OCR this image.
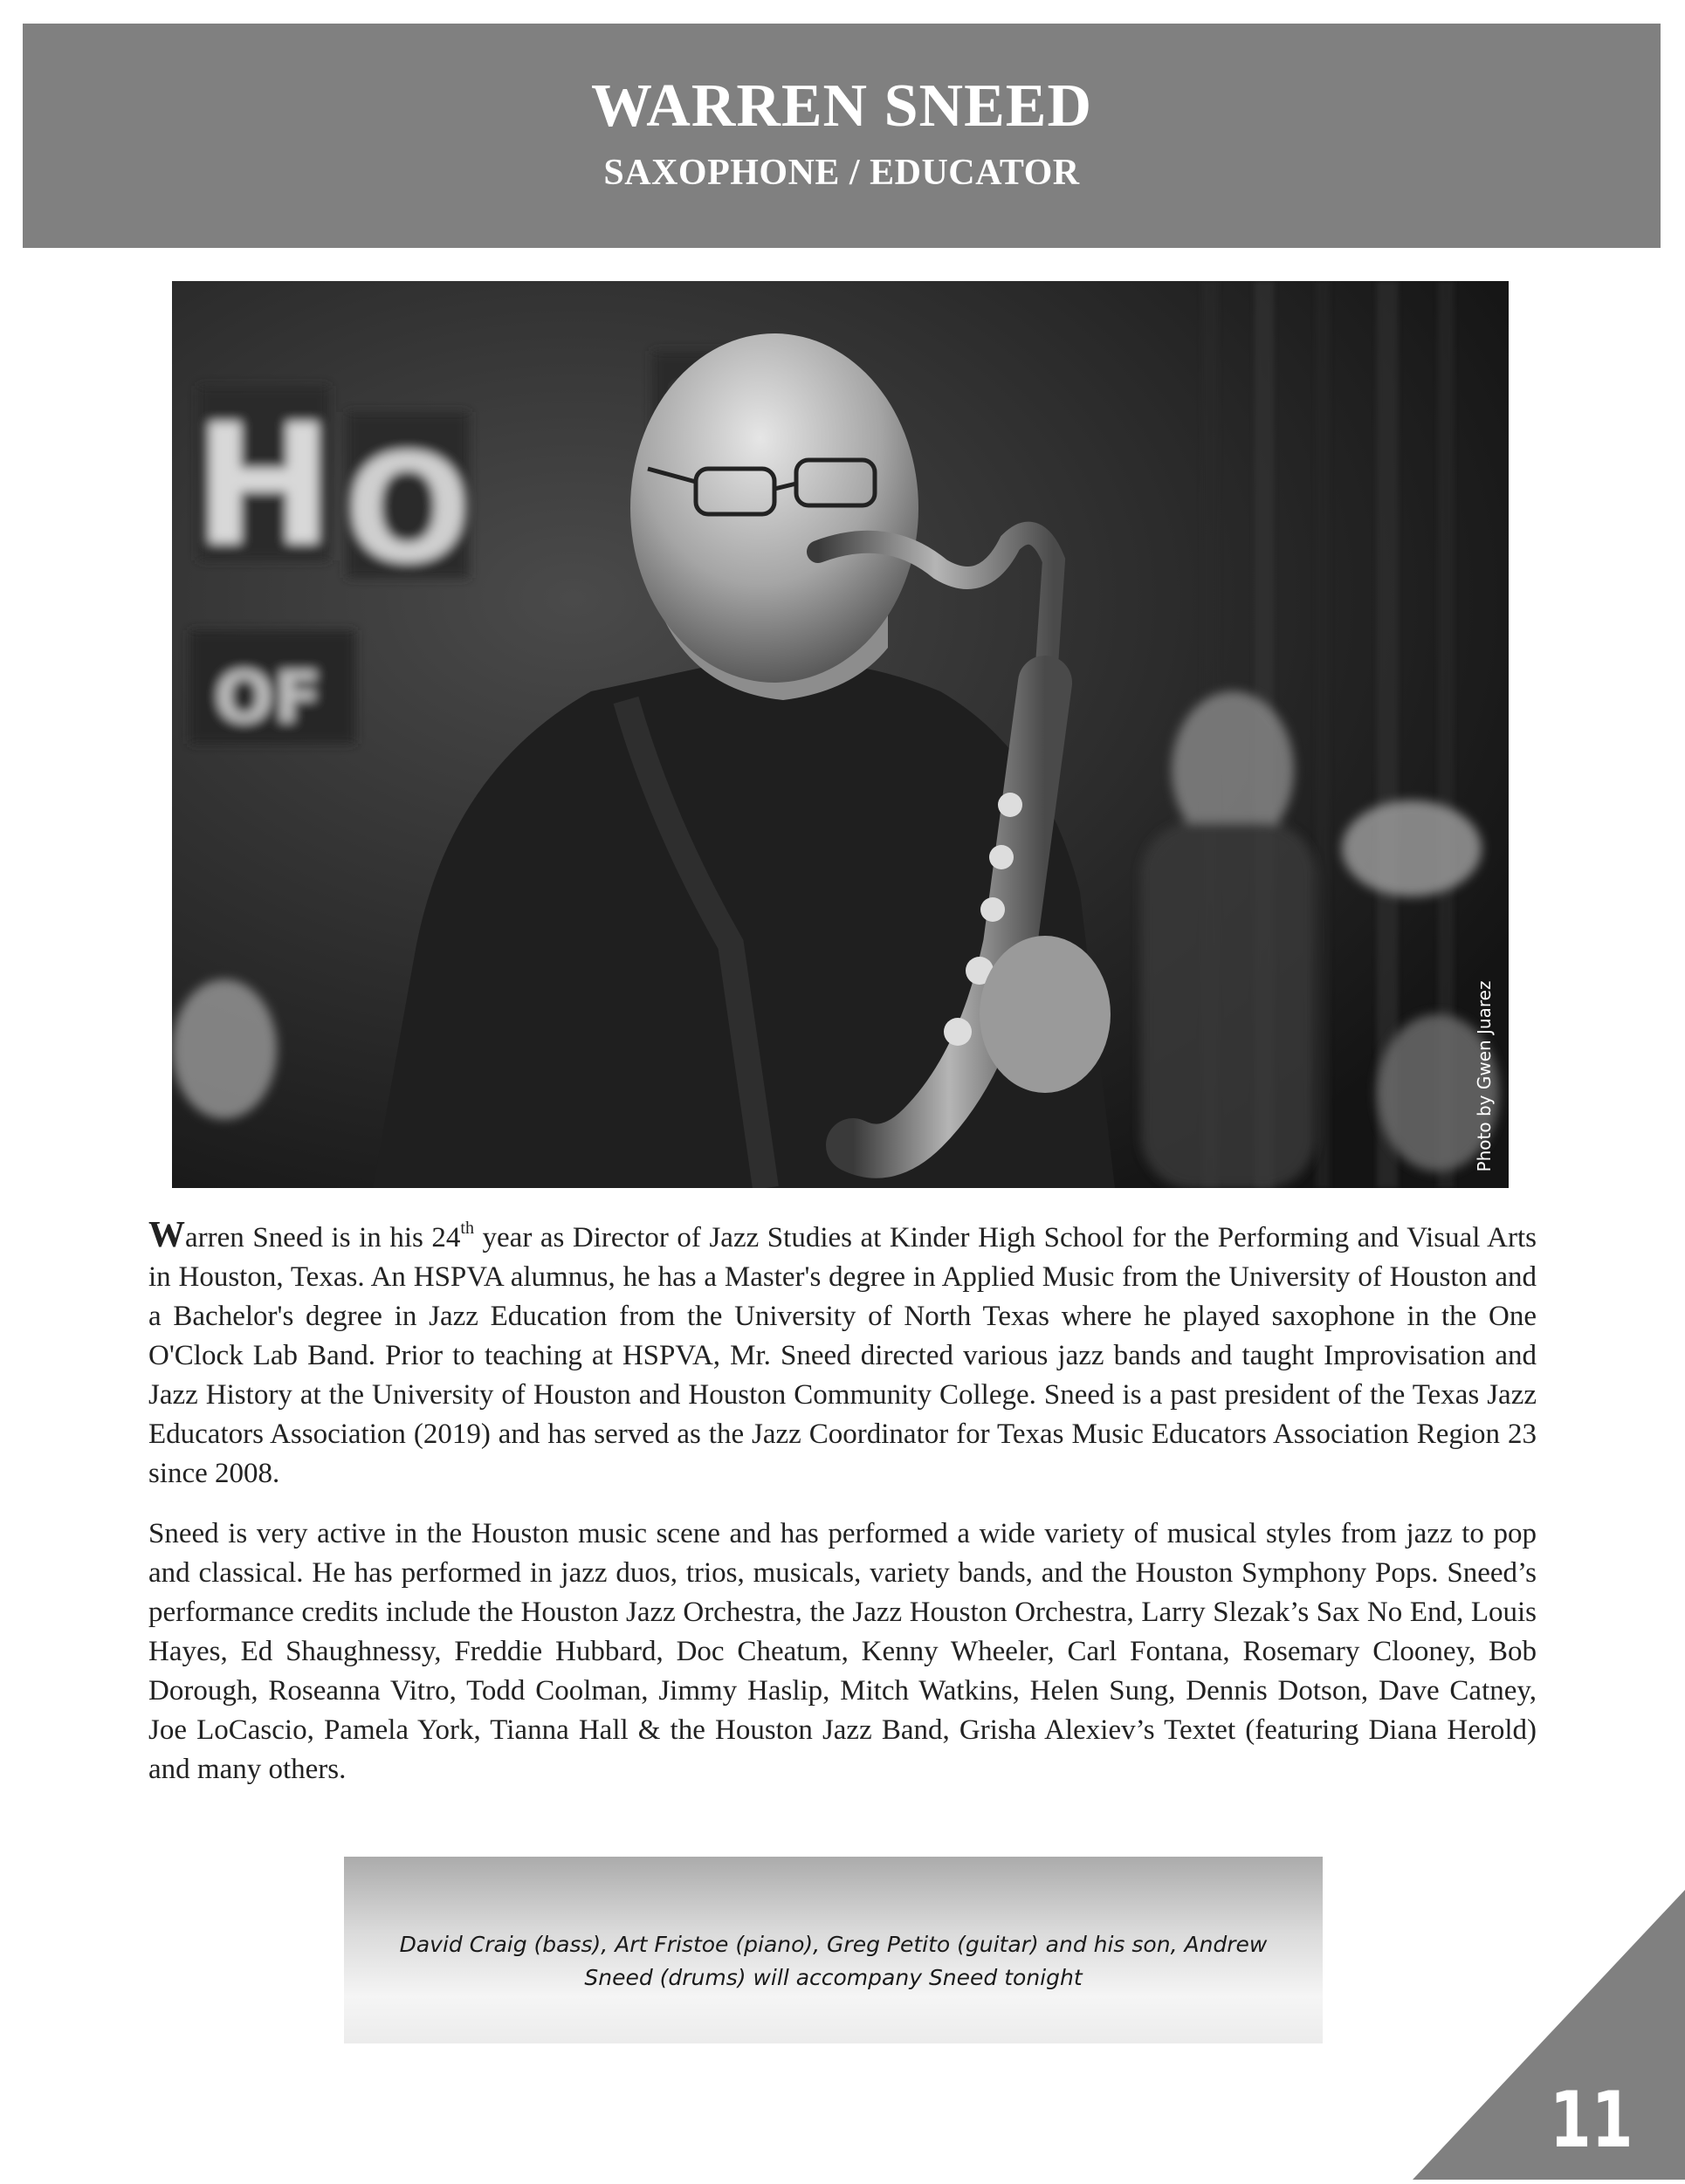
WARREN SNEED
SAXOPHONE / EDUCATOR
H O
OF
Photo by Gwen Juarez

Warren Sneed is in his 24th year as Director of Jazz Studies at Kinder High School for the Performing and Visual Arts in Houston, Texas. An HSPVA alumnus, he has a Master's degree in Applied Music from the University of Houston and a Bachelor's degree in Jazz Education from the University of North Texas where he played saxophone in the One O'Clock Lab Band. Prior to teaching at HSPVA, Mr. Sneed directed various jazz bands and taught Improvisation and Jazz History at the University of Houston and Houston Community College. Sneed is a past president of the Texas Jazz Educators Association (2019) and has served as the Jazz Coordinator for Texas Music Educators Association Region 23 since 2008.

Sneed is very active in the Houston music scene and has performed a wide variety of musical styles from jazz to pop and classical. He has performed in jazz duos, trios, musicals, variety bands, and the Houston Symphony Pops. Sneed’s performance credits include the Houston Jazz Orchestra, the Jazz Houston Orchestra, Larry Slezak’s Sax No End, Louis Hayes, Ed Shaughnessy, Freddie Hubbard, Doc Cheatum, Kenny Wheeler, Carl Fontana, Rosemary Clooney, Bob Dorough, Roseanna Vitro, Todd Coolman, Jimmy Haslip, Mitch Watkins, Helen Sung, Dennis Dotson, Dave Catney, Joe LoCascio, Pamela York, Tianna Hall & the Houston Jazz Band, Grisha Alexiev’s Textet (featuring Diana Herold) and many others.

David Craig (bass), Art Fristoe (piano), Greg Petito (guitar) and his son, Andrew
Sneed (drums) will accompany Sneed tonight
11
